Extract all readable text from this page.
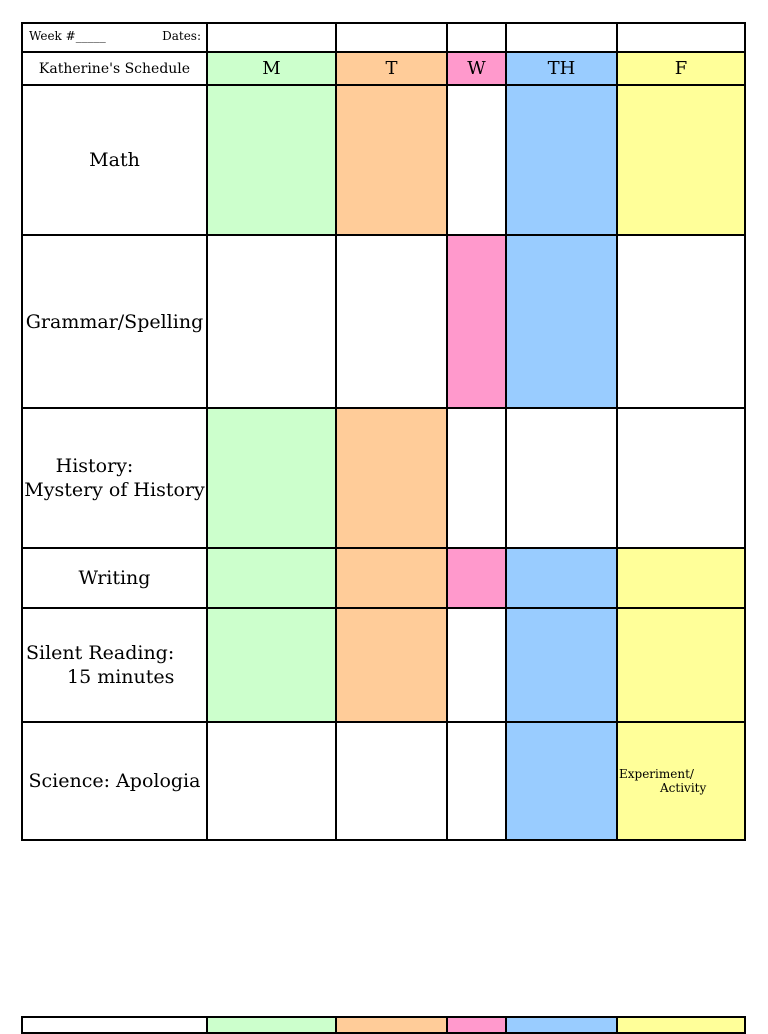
Week #_____ Dates:					

Katherine's Schedule	M	T	W	TH	F
Math					
Grammar/Spelling					

History:
Mystery of History					

Writing					

Silent Reading:
15 minutes					

Science: Apologia					Experiment/
Activity
